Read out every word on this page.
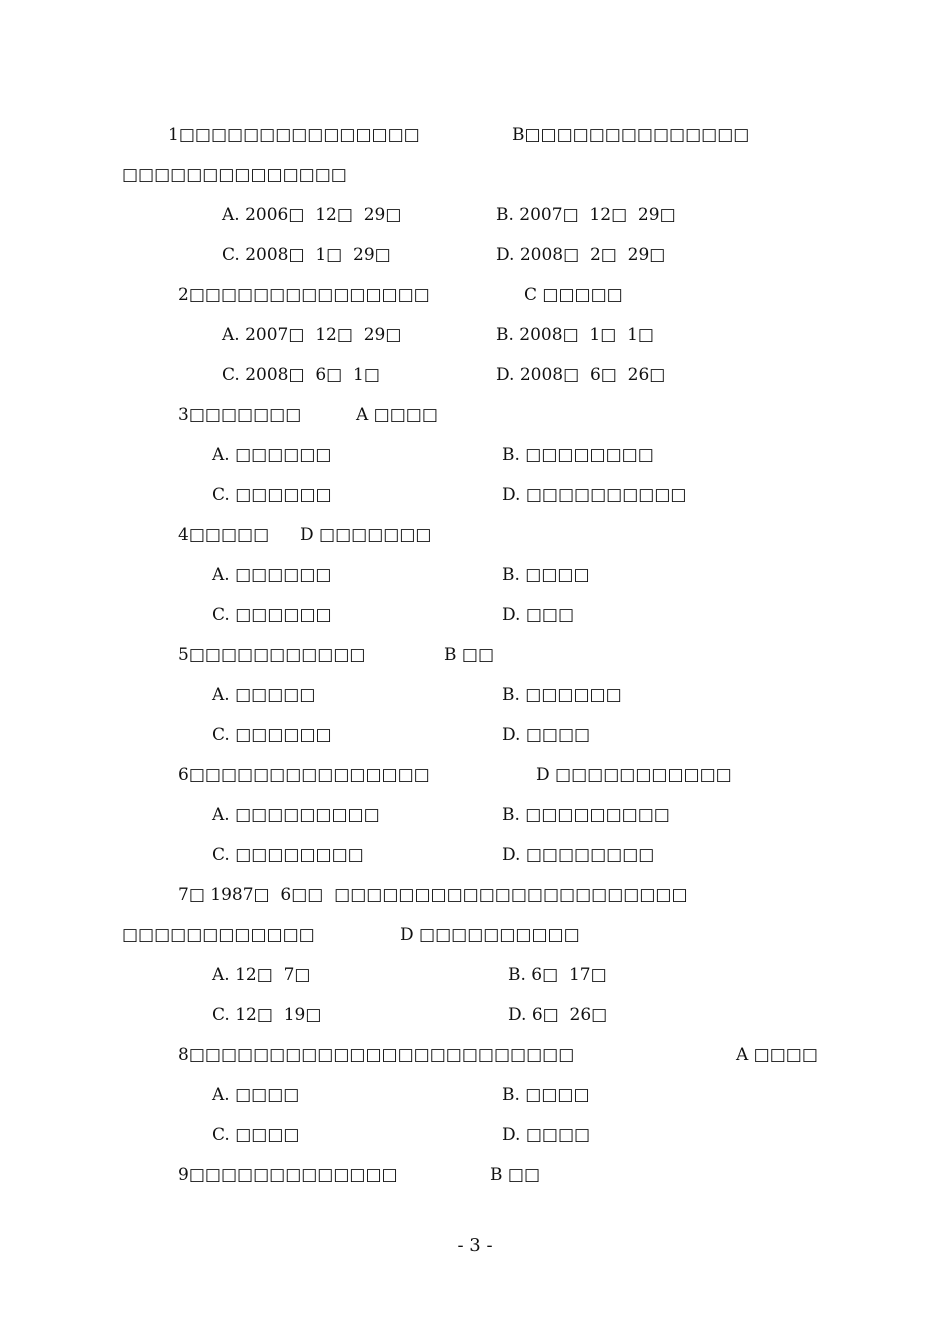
1□□□□□□□□□□□□□□□	B□□□□□□□□□□□□□□
□□□□□□□□□□□□□□
A. 2006□  12□  29□	B. 2007□  12□  29□
C. 2008□  1□  29□	D. 2008□  2□  29□
2□□□□□□□□□□□□□□□	C □□□□□
A. 2007□  12□  29□	B. 2008□  1□  1□
C. 2008□  6□  1□	D. 2008□  6□  26□
3□□□□□□□	A □□□□
A. □□□□□□	B. □□□□□□□□
C. □□□□□□	D. □□□□□□□□□□
4□□□□□ D □□□□□□□
A. □□□□□□	B. □□□□
C. □□□□□□	D. □□□
5□□□□□□□□□□□	B □□
A. □□□□□	B. □□□□□□
C. □□□□□□	D. □□□□
6□□□□□□□□□□□□□□□	D □□□□□□□□□□□
A. □□□□□□□□□	B. □□□□□□□□□
C. □□□□□□□□	D. □□□□□□□□
7□ 1987□  6□□  □□□□□□□□□□□□□□□□□□□□□□
□□□□□□□□□□□□	D □□□□□□□□□□
A. 12□  7□	B. 6□  17□
C. 12□  19□	D. 6□  26□
8□□□□□□□□□□□□□□□□□□□□□□□□	A □□□□
A. □□□□	B. □□□□
C. □□□□	D. □□□□
9□□□□□□□□□□□□□	B □□
- 3 -
